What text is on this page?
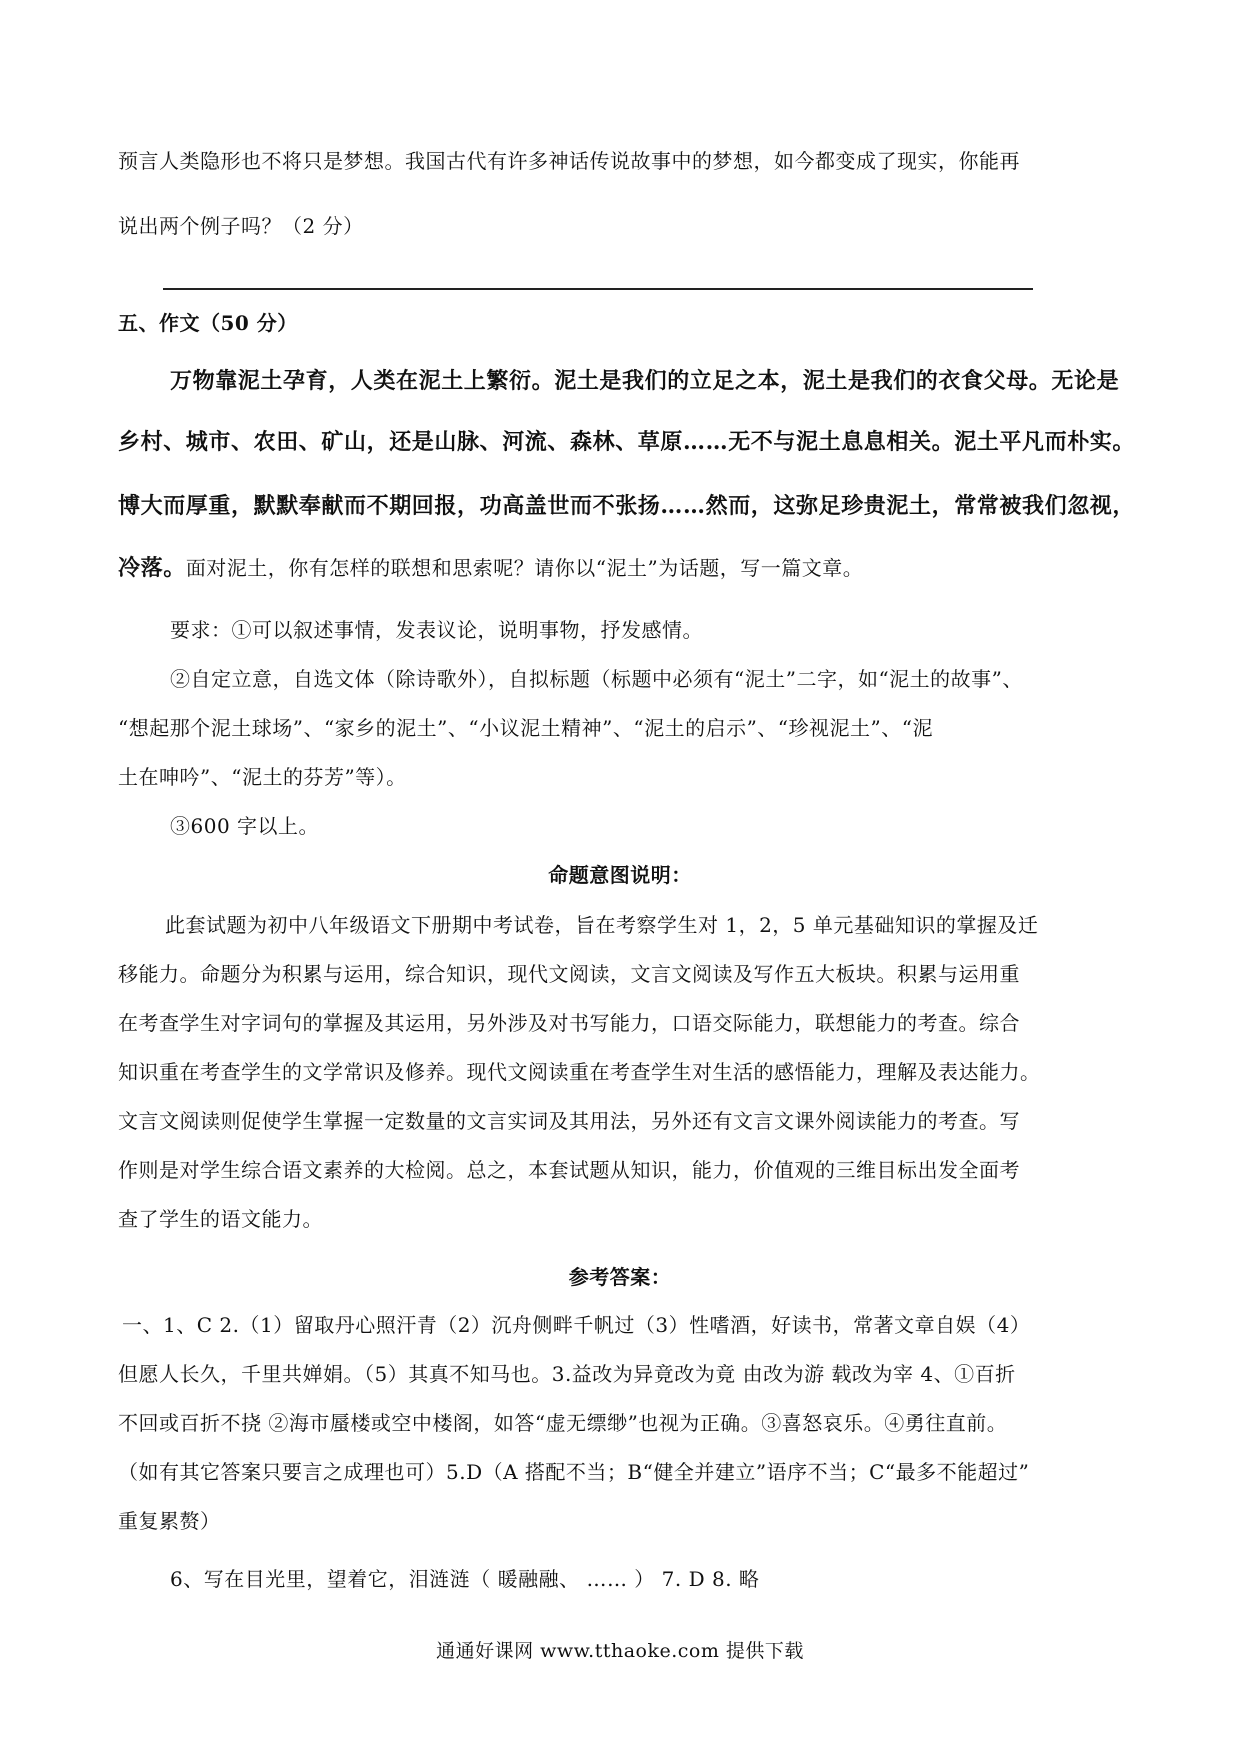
预言人类隐形也不将只是梦想。我国古代有许多神话传说故事中的梦想，如今都变成了现实，你能再
说出两个例子吗？（2 分）
五、作文（50 分）
万物靠泥土孕育，人类在泥土上繁衍。泥土是我们的立足之本，泥土是我们的衣食父母。无论是
乡村、城市、农田、矿山，还是山脉、河流、森林、草原……无不与泥土息息相关。泥土平凡而朴实。
博大而厚重，默默奉献而不期回报，功高盖世而不张扬……然而，这弥足珍贵泥土，常常被我们忽视，
冷落。面对泥土，你有怎样的联想和思索呢？请你以“泥土”为话题，写一篇文章。
要求：①可以叙述事情，发表议论，说明事物，抒发感情。
②自定立意，自选文体（除诗歌外），自拟标题（标题中必须有“泥土”二字，如“泥土的故事”、
“想起那个泥土球场”、“家乡的泥土”、“小议泥土精神”、“泥土的启示”、“珍视泥土”、“泥
土在呻吟”、“泥土的芬芳”等）。
③600 字以上。
命题意图说明：
此套试题为初中八年级语文下册期中考试卷，旨在考察学生对 1，2，5 单元基础知识的掌握及迁
移能力。命题分为积累与运用，综合知识，现代文阅读，文言文阅读及写作五大板块。积累与运用重
在考查学生对字词句的掌握及其运用，另外涉及对书写能力，口语交际能力，联想能力的考查。综合
知识重在考查学生的文学常识及修养。现代文阅读重在考查学生对生活的感悟能力，理解及表达能力。
文言文阅读则促使学生掌握一定数量的文言实词及其用法，另外还有文言文课外阅读能力的考查。写
作则是对学生综合语文素养的大检阅。总之，本套试题从知识，能力，价值观的三维目标出发全面考
查了学生的语文能力。
参考答案：
一、1、C 2.（1）留取丹心照汗青（2）沉舟侧畔千帆过（3）性嗜酒，好读书，常著文章自娱（4）
但愿人长久，千里共婵娟。（5）其真不知马也。3.益改为异竟改为竟 由改为游 载改为宰 4、①百折
不回或百折不挠 ②海市蜃楼或空中楼阁，如答“虚无缥缈”也视为正确。③喜怒哀乐。④勇往直前。
（如有其它答案只要言之成理也可）5.D（A 搭配不当；B“健全并建立”语序不当；C“最多不能超过”
重复累赘）
6、写在目光里，望着它，泪涟涟（ 暖融融、 …… ） 7. D 8. 略
通通好课网 www.tthaoke.com 提供下载
